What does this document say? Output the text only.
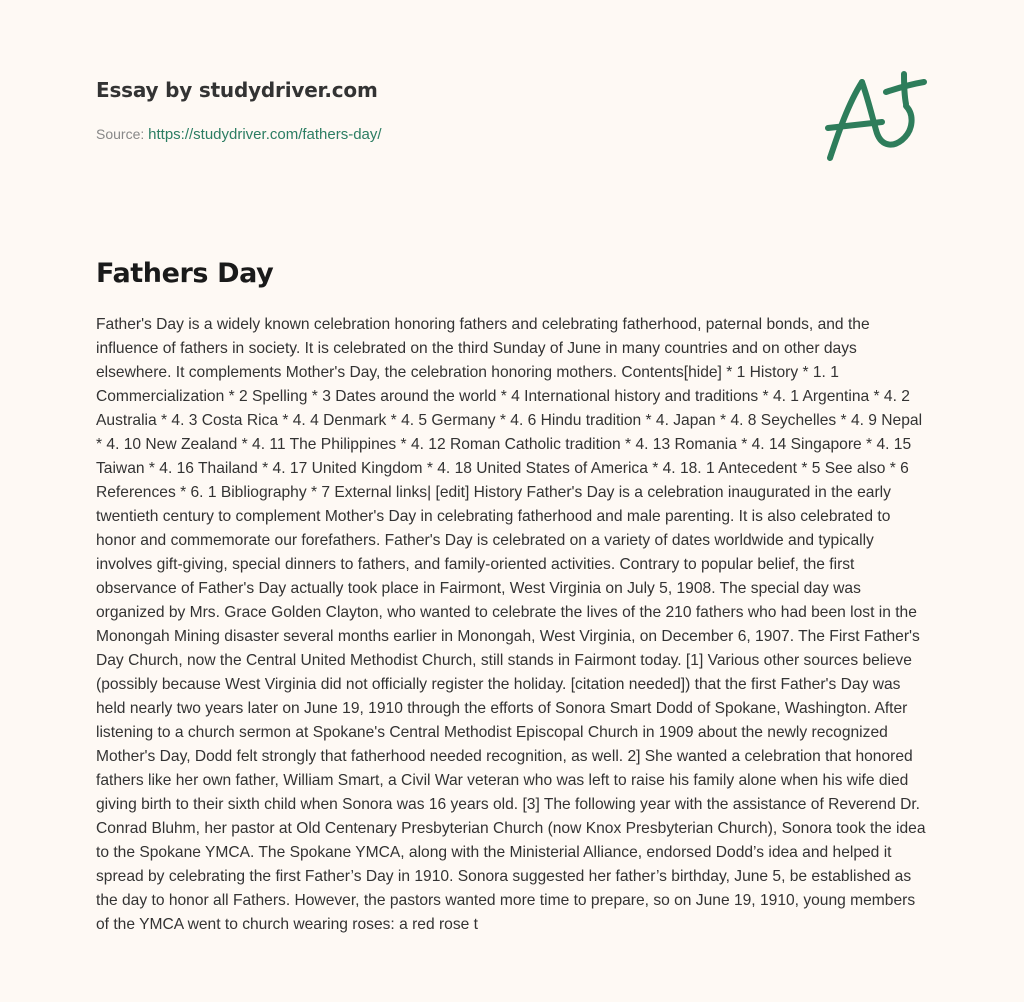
Essay by studydriver.com
Source: https://studydriver.com/fathers-day/
Fathers Day

Father's Day is a widely known celebration honoring fathers and celebrating fatherhood, paternal bonds, and the influence of fathers in society. It is celebrated on the third Sunday of June in many countries and on other days elsewhere. It complements Mother's Day, the celebration honoring mothers. Contents[hide] * 1 History * 1. 1 Commercialization * 2 Spelling * 3 Dates around the world * 4 International history and traditions * 4. 1 Argentina * 4. 2 Australia * 4. 3 Costa Rica * 4. 4 Denmark * 4. 5 Germany * 4. 6 Hindu tradition * 4. Japan * 4. 8 Seychelles * 4. 9 Nepal * 4. 10 New Zealand * 4. 11 The Philippines * 4. 12 Roman Catholic tradition * 4. 13 Romania * 4. 14 Singapore * 4. 15 Taiwan * 4. 16 Thailand * 4. 17 United Kingdom * 4. 18 United States of America * 4. 18. 1 Antecedent * 5 See also * 6 References * 6. 1 Bibliography * 7 External links| [edit] History Father's Day is a celebration inaugurated in the early twentieth century to complement Mother's Day in celebrating fatherhood and male parenting. It is also celebrated to honor and commemorate our forefathers. Father's Day is celebrated on a variety of dates worldwide and typically involves gift-giving, special dinners to fathers, and family-oriented activities. Contrary to popular belief, the first observance of Father's Day actually took place in Fairmont, West Virginia on July 5, 1908. The special day was organized by Mrs. Grace Golden Clayton, who wanted to celebrate the lives of the 210 fathers who had been lost in the Monongah Mining disaster several months earlier in Monongah, West Virginia, on December 6, 1907. The First Father's Day Church, now the Central United Methodist Church, still stands in Fairmont today. [1] Various other sources believe (possibly because West Virginia did not officially register the holiday. [citation needed]) that the first Father's Day was held nearly two years later on June 19, 1910 through the efforts of Sonora Smart Dodd of Spokane, Washington. After listening to a church sermon at Spokane's Central Methodist Episcopal Church in 1909 about the newly recognized Mother's Day, Dodd felt strongly that fatherhood needed recognition, as well. 2] She wanted a celebration that honored fathers like her own father, William Smart, a Civil War veteran who was left to raise his family alone when his wife died giving birth to their sixth child when Sonora was 16 years old. [3] The following year with the assistance of Reverend Dr. Conrad Bluhm, her pastor at Old Centenary Presbyterian Church (now Knox Presbyterian Church), Sonora took the idea to the Spokane YMCA. The Spokane YMCA, along with the Ministerial Alliance, endorsed Dodd’s idea and helped it spread by celebrating the first Father’s Day in 1910. Sonora suggested her father’s birthday, June 5, be established as the day to honor all Fathers. However, the pastors wanted more time to prepare, so on June 19, 1910, young members of the YMCA went to church wearing roses: a red rose t
